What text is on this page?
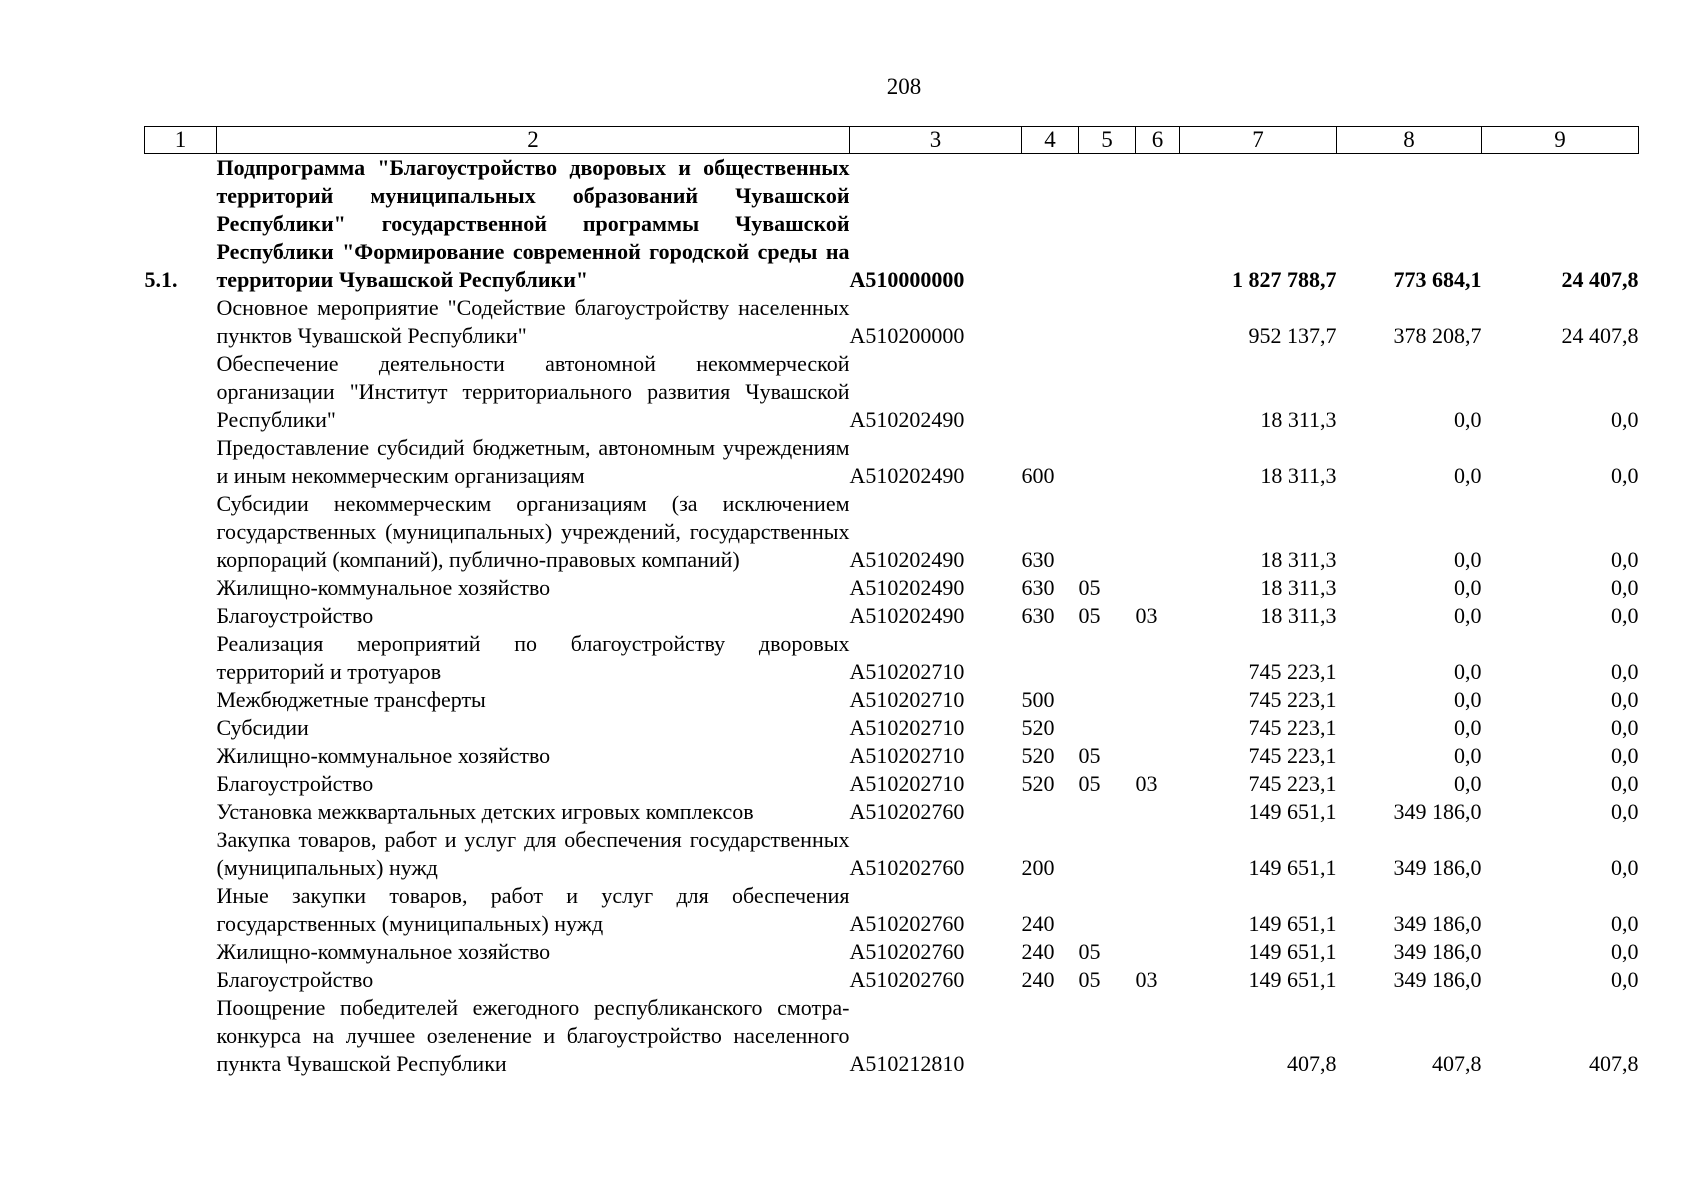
208
1	2	3	4	5	6	7	8	9
5.1.	Подпрограмма "Благоустройство дворовых и общественных территорий муниципальных образований Чувашской Республики" государственной программы Чувашской Республики "Формирование современной городской среды на территории Чувашской Республики"	A510000000				1 827 788,7	773 684,1	24 407,8
	Основное мероприятие "Содействие благоустройству населенных пунктов Чувашской Республики"	A510200000				952 137,7	378 208,7	24 407,8
	Обеспечение деятельности автономной некоммерческой организации "Институт территориального развития Чувашской Республики"	A510202490				18 311,3	0,0	0,0
	Предоставление субсидий бюджетным, автономным учреждениям и иным некоммерческим организациям	A510202490	600			18 311,3	0,0	0,0
	Субсидии некоммерческим организациям (за исключением государственных (муниципальных) учреждений, государственных корпораций (компаний), публично-правовых компаний)	A510202490	630			18 311,3	0,0	0,0
	Жилищно-коммунальное хозяйство	A510202490	630	05		18 311,3	0,0	0,0
	Благоустройство	A510202490	630	05	03	18 311,3	0,0	0,0
	Реализация мероприятий по благоустройству дворовых территорий и тротуаров	A510202710				745 223,1	0,0	0,0
	Межбюджетные трансферты	A510202710	500			745 223,1	0,0	0,0
	Субсидии	A510202710	520			745 223,1	0,0	0,0
	Жилищно-коммунальное хозяйство	A510202710	520	05		745 223,1	0,0	0,0
	Благоустройство	A510202710	520	05	03	745 223,1	0,0	0,0
	Установка межквартальных детских игровых комплексов	A510202760				149 651,1	349 186,0	0,0
	Закупка товаров, работ и услуг для обеспечения государственных (муниципальных) нужд	A510202760	200			149 651,1	349 186,0	0,0
	Иные закупки товаров, работ и услуг для обеспечения государственных (муниципальных) нужд	A510202760	240			149 651,1	349 186,0	0,0
	Жилищно-коммунальное хозяйство	A510202760	240	05		149 651,1	349 186,0	0,0
	Благоустройство	A510202760	240	05	03	149 651,1	349 186,0	0,0
	Поощрение победителей ежегодного республиканского смотра-конкурса на лучшее озеленение и благоустройство населенного пункта Чувашской Республики	A510212810				407,8	407,8	407,8
